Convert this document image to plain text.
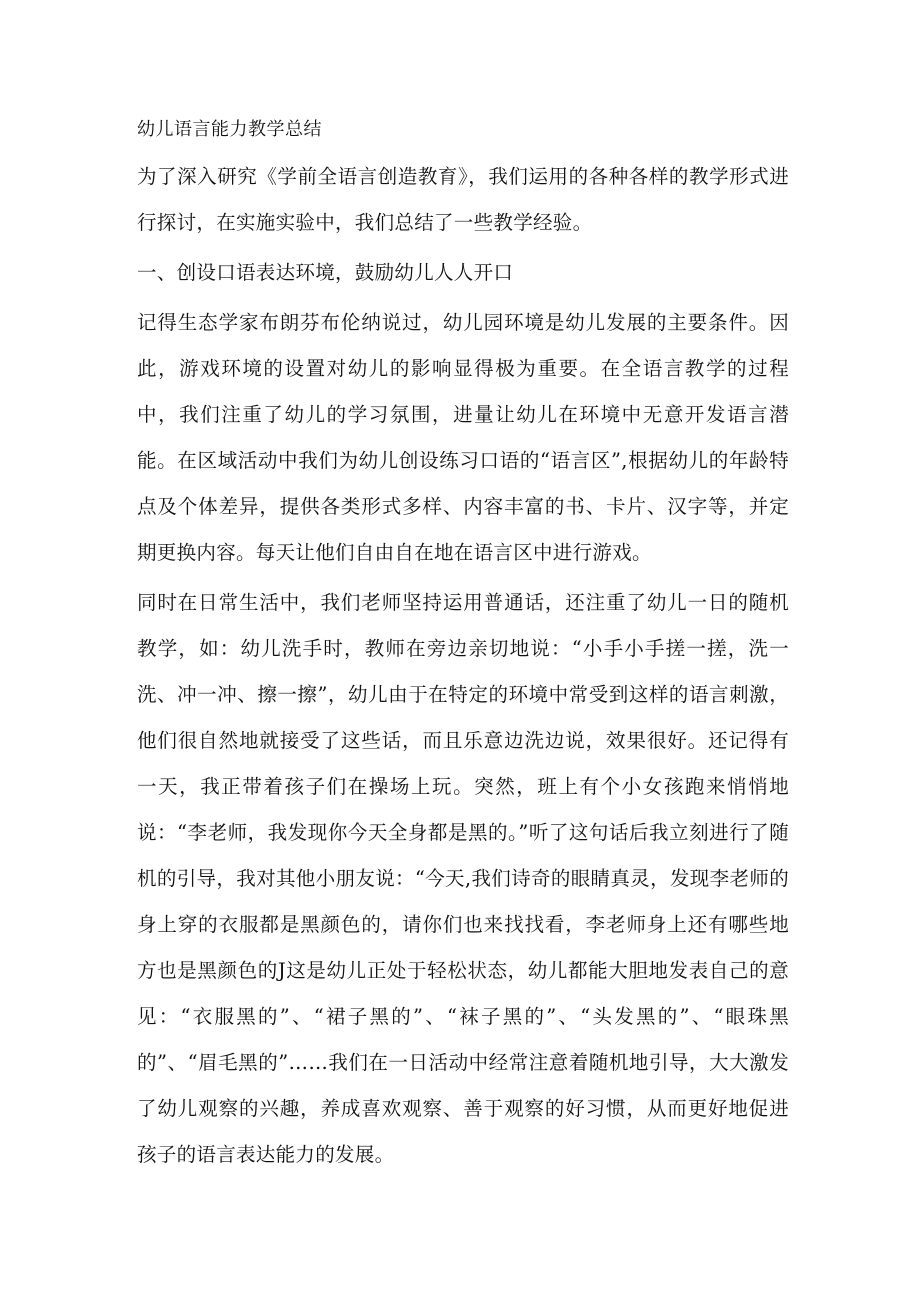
幼儿语言能力教学总结

为了深入研究《学前全语言创造教育》，我们运用的各种各样的教学形式进行探讨，在实施实验中，我们总结了一些教学经验。

一、创设口语表达环境，鼓励幼儿人人开口

记得生态学家布朗芬布伦纳说过，幼儿园环境是幼儿发展的主要条件。因此，游戏环境的设置对幼儿的影响显得极为重要。在全语言教学的过程中，我们注重了幼儿的学习氛围，进量让幼儿在环境中无意开发语言潜能。在区域活动中我们为幼儿创设练习口语的“语言区”,根据幼儿的年龄特点及个体差异，提供各类形式多样、内容丰富的书、卡片、汉字等，并定期更换内容。每天让他们自由自在地在语言区中进行游戏。

同时在日常生活中，我们老师坚持运用普通话，还注重了幼儿一日的随机教学，如：幼儿洗手时，教师在旁边亲切地说：“小手小手搓一搓，洗一洗、冲一冲、擦一擦”，幼儿由于在特定的环境中常受到这样的语言刺激，他们很自然地就接受了这些话，而且乐意边洗边说，效果很好。还记得有一天，我正带着孩子们在操场上玩。突然，班上有个小女孩跑来悄悄地说：“李老师，我发现你今天全身都是黑的。”听了这句话后我立刻进行了随机的引导，我对其他小朋友说：“今天,我们诗奇的眼睛真灵，发现李老师的身上穿的衣服都是黑颜色的，请你们也来找找看，李老师身上还有哪些地方也是黑颜色的J这是幼儿正处于轻松状态，幼儿都能大胆地发表自己的意见：“衣服黑的”、“裙子黑的”、“袜子黑的”、“头发黑的”、“眼珠黑的”、“眉毛黑的”……我们在一日活动中经常注意着随机地引导，大大激发了幼儿观察的兴趣，养成喜欢观察、善于观察的好习惯，从而更好地促进孩子的语言表达能力的发展。
